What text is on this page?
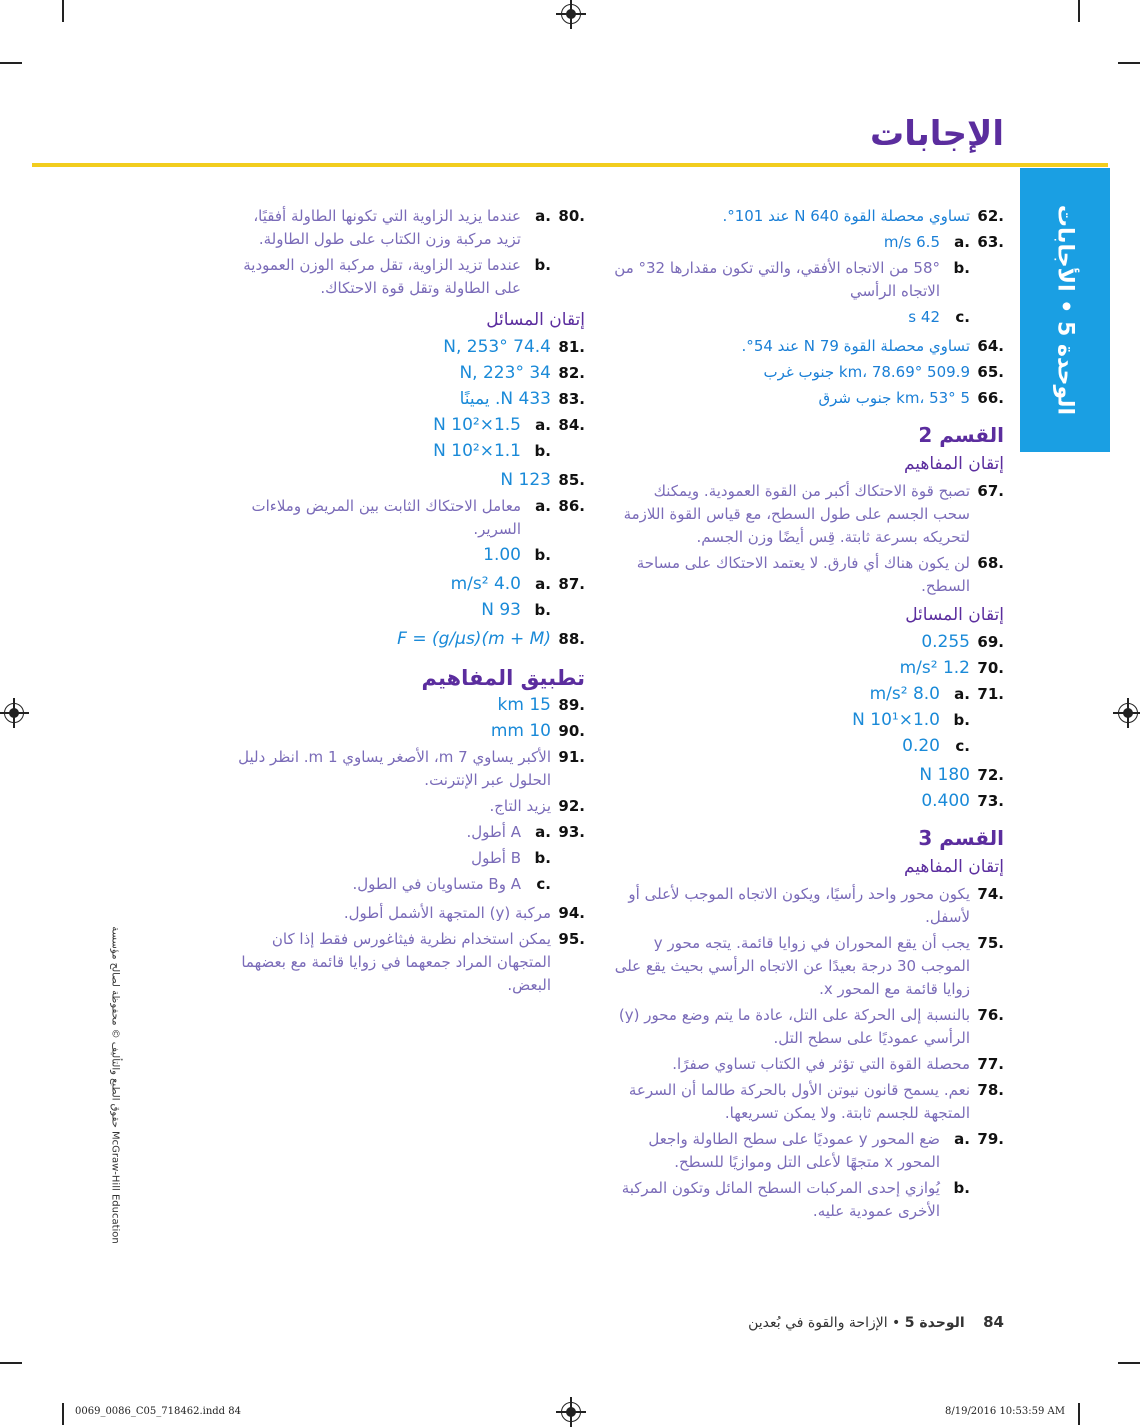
الإجابات
الوحدة 5 • الأجابات
.62
تساوي محصلة القوة 640 N عند 101°.
.63
.a
6.5 m/s
.b
58° من الاتجاه الأفقي، والتي تكون مقدارها 32° من الاتجاه الرأسي
.c
42 s
.64
تساوي محصلة القوة 79 N عند 54°.
.65
509.9 km، 78.69° جنوب غرب
.66
5 km، 53° جنوب شرق
القسم 2
إتقان المفاهيم
.67
تصبح قوة الاحتكاك أكبر من القوة العمودية. ويمكنك سحب الجسم على طول السطح، مع قياس القوة اللازمة لتحريكه بسرعة ثابتة. قِس أيضًا وزن الجسم.
.68
لن يكون هناك أي فارق. لا يعتمد الاحتكاك على مساحة السطح.
إتقان المسائل
.69
0.255
.70
1.2 m/s²
.71
.a
8.0 m/s²
.b
1.0×10¹ N
.c
0.20
.72
180 N
.73
0.400
القسم 3
إتقان المفاهيم
.74
يكون محور واحد رأسيًا، ويكون الاتجاه الموجب لأعلى أو لأسفل.
.75
يجب أن يقع المحوران في زوايا قائمة. يتجه محور y الموجب 30 درجة بعيدًا عن الاتجاه الرأسي بحيث يقع على زوايا قائمة مع المحور x.
.76
بالنسبة إلى الحركة على التل، عادة ما يتم وضع محور (y) الرأسي عموديًا على سطح التل.
.77
محصلة القوة التي تؤثر في الكتاب تساوي صفرًا.
.78
نعم. يسمح قانون نيوتن الأول بالحركة طالما أن السرعة المتجهة للجسم ثابتة. ولا يمكن تسريعها.
.79
.a
ضع المحور y عموديًا على سطح الطاولة واجعل المحور x متجهًا لأعلى التل وموازيًا للسطح.
.b
يُوازي إحدى المركبات السطح المائل وتكون المركبة الأخرى عمودية عليه.
.80
.a
عندما يزيد الزاوية التي تكونها الطاولة أفقيًا، تزيد مركبة وزن الكتاب على طول الطاولة.
.b
عندما تزيد الزاوية، تقل مركبة الوزن العمودية على الطاولة وتقل قوة الاحتكاك.
إتقان المسائل
.81
74.4 N, 253°
.82
34 N, 223°
.83
433 N. يمينًا
.84
.a
1.5×10² N
.b
1.1×10² N
.85
123 N
.86
.a
معامل الاحتكاك الثابت بين المريض وملاءات السرير.
.b
1.00
.87
.a
4.0 m/s²
.b
93 N
.88
F = (g/μs)(m + M)
تطبيق المفاهيم
.89
15 km
.90
10 mm
.91
الأكبر يساوي 7 m، الأصغر يساوي 1 m. انظر دليل الحلول عبر الإنترنت.
.92
يزيد التاج.
.93
.a
A أطول.
.b
B أطول
.c
A وB متساويان في الطول.
.94
مركبة (y) المتجهة الأشمل أطول.
.95
يمكن استخدام نظرية فيثاغورس فقط إذا كان المتجهان المراد جمعهما في زوايا قائمة مع بعضهما البعض.
84 الوحدة 5 • الإزاحة والقوة في بُعدين
حقوق الطبع والتأليف © محفوظة لصالح مؤسسة McGraw-Hill Education
0069_0086_C05_718462.indd 84	8/19/2016 10:53:59 AM
